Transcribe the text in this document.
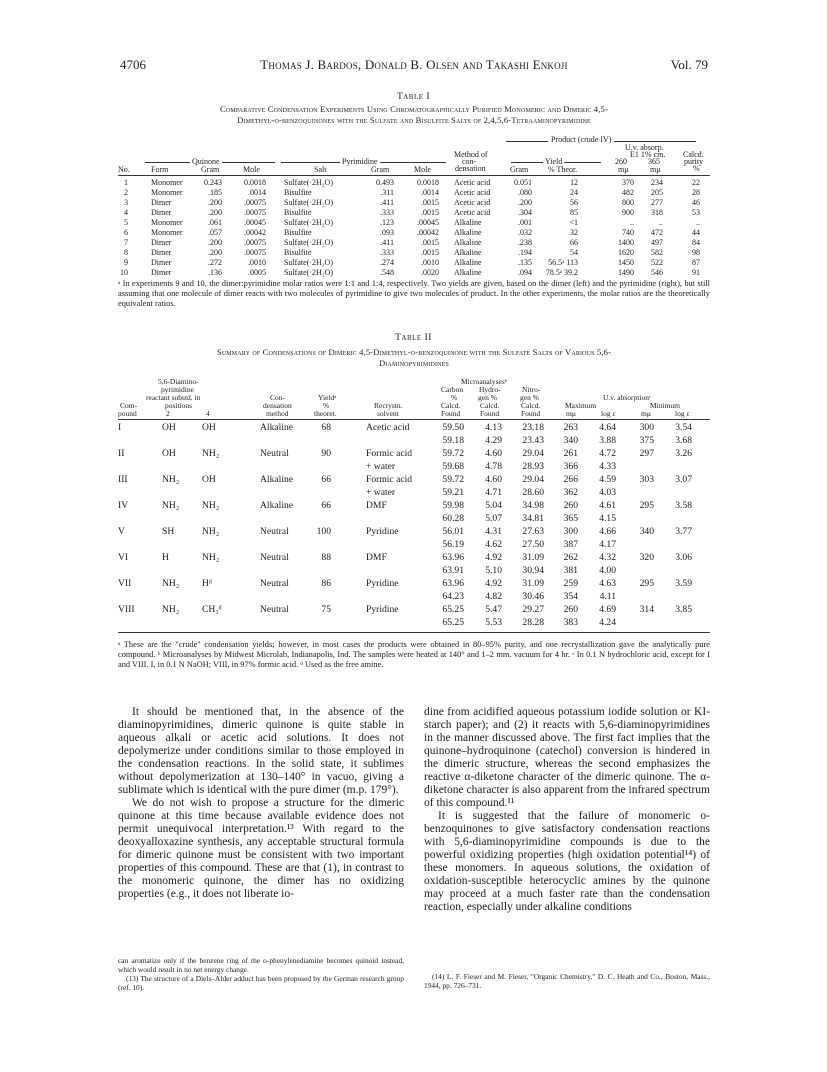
4706	Thomas J. Bardos, Donald B. Olsen and Takashi Enkoji	Vol. 79
Table I
Comparative Condensation Experiments Using Chromatographically Purified Monomeric and Dimeric 4,5-
Dimethyl-o-benzoquinones with the Sulfate and Bisulfite Salts of 2,4,5,6-Tetraaminopyrimidine
Product (crude IV)
U.v. absorp.
E1 1% cm.
260	365
Calcd.
purity
%
Method of
con-
densation
Quinone	Pyrimidine	Yield
No.	Form	Gram	Mole	Salt	Gram	Mole	Gram % Theor.	mμ	mμ
1	Monomer	0.243	0.0018 Sulfate(·2H₂O)	0.493	0.0018 Acetic acid	0.051	12	370 234	22
2	Monomer	.185	.0014 Bisulfite	.311	.0014 Acetic acid	.080	24	482 205	28
3	Dimer	.200	.00075 Sulfate(·2H₂O)	.411	.0015 Acetic acid	.200	56	800 277	46
4	Dimer	.200	.00075 Bisulfite	.333	.0015 Acetic acid	.304	85	900 318	53
5	Monomer	.061	.00045 Sulfate(·2H₂O)	.123	.00045 Alkaline	.001	<1	..	..	..
6	Monomer	.057	.00042 Bisulfite	.093	.00042 Alkaline	.032	32	740 472	44
7	Dimer	.200	.00075 Sulfate(·2H₂O)	.411	.0015 Alkaline	.238	66	1400 497	84
8	Dimer	.200	.00075 Bisulfite	.333	.0015 Alkaline	.194	54	1620 582	98
9	Dimer	.272	.0010 Sulfate(·2H₂O)	.274	.0010 Alkaline	.135 56.5ᵃ 113	1450 522	87
10	Dimer	.136	.0005 Sulfate(·2H₂O)	.548	.0020 Alkaline	.094 78.5ᵃ 39.2	1490 546	91
ᵃ In experiments 9 and 10, the dimer:pyrimidine molar ratios were 1:1 and 1:4, respectively. Two yields are given, based on the dimer (left) and the pyrimidine (right), but still assuming that one molecule of dimer reacts with two molecules of pyrimidine to give two molecules of product. In the other experiments, the molar ratios are the theoretically equivalent ratios.
Table II
Summary of Condensations of Dimeric 4,5-Dimethyl-o-benzoquinone with the Sulfate Salts of Various 5,6-
Diaminopyrimidines
5,6-Diamino-
pyrimidine
reactant substd. in
positions
2	4
Com-
pound
Con-
densation
method
Yieldᵃ
%
theoret.
Recrystn.
solvent
Microanalysesᵇ
Carbon
%
Hydro-
gen %
Nitro-
gen %
Calcd.
Found
Calcd.
Found
Calcd.
Found
U.v. absorptionᶜ
Maximum	Minimum
mμ	log ε	mμ	log ε
I	OH	OH	Alkaline	68	Acetic acid	59.50 4.13 23.18 263 4.64 300 3.54
59.18 4.29 23.43 340 3.88 375 3.68
II	OH	NH₂	Neutral	90	Formic acid	59.72 4.60 29.04 261 4.72 297 3.26
+ water	59.68 4.78 28.93 366 4.33
III	NH₂ OH	Alkaline	66	Formic acid	59.72 4.60 29.04 266 4.59 303 3.07
+ water	59.21 4.71 28.60 362 4.03
IV	NH₂ NH₂	Alkaline	66	DMF	59.98 5.04 34.98 260 4.61 295 3.58
60.28 5.07 34.81 365 4.15
V	SH	NH₂	Neutral	100	Pyridine	56.01 4.31 27.63 300 4.66 340 3.77
56.19 4.62 27.50 387 4.17
VI	H	NH₂	Neutral	88	DMF	63.96 4.92 31.09 262 4.32 320 3.06
63.91 5.10 30.94 381 4.00
VII	NH₂ Hᵈ	Neutral	86	Pyridine	63.96 4.92 31.09 259 4.63 295 3.59
64.23 4.82 30.46 354 4.11
VIII	NH₂ CH₃ᵈ	Neutral	75	Pyridine	65.25 5.47 29.27 260 4.69 314 3.85
65.25 5.53 28.28 383 4.24
ᵃ These are the "crude" condensation yields; however, in most cases the products were obtained in 80–95% purity, and one recrystallization gave the analytically pure compound. ᵇ Microanalyses by Midwest Microlab, Indianapolis, Ind. The samples were heated at 140° and 1–2 mm. vacuum for 4 hr. ᶜ In 0.1 N hydrochloric acid, except for I and VIII. I, in 0.1 N NaOH; VIII, in 97% formic acid. ᵈ Used as the free amine.

It should be mentioned that, in the absence of the diaminopyrimidines, dimeric quinone is quite stable in aqueous alkali or acetic acid solutions. It does not depolymerize under conditions similar to those employed in the condensation reactions. In the solid state, it sublimes without depolymerization at 130–140° in vacuo, giving a sublimate which is identical with the pure dimer (m.p. 179°).

We do not wish to propose a structure for the dimeric quinone at this time because available evidence does not permit unequivocal interpretation.¹³ With regard to the deoxyalloxazine synthesis, any acceptable structural formula for dimeric quinone must be consistent with two important properties of this compound. These are that (1), in contrast to the monomeric quinone, the dimer has no oxidizing properties (e.g., it does not liberate io-

can aromatize only if the benzene ring of the o-phenylenediamine becomes quinoid instead, which would result in no net energy change.

(13) The structure of a Diels–Alder adduct has been proposed by the German research group (ref. 10).

dine from acidified aqueous potassium iodide solution or KI-starch paper); and (2) it reacts with 5,6-diaminopyrimidines in the manner discussed above. The first fact implies that the quinone–hydroquinone (catechol) conversion is hindered in the dimeric structure, whereas the second emphasizes the reactive α-diketone character of the dimeric quinone. The α-diketone character is also apparent from the infrared spectrum of this compound.¹¹

It is suggested that the failure of monomeric o-benzoquinones to give satisfactory condensation reactions with 5,6-diaminopyrimidine compounds is due to the powerful oxidizing properties (high oxidation potential¹⁴) of these monomers. In aqueous solutions, the oxidation of oxidation-susceptible heterocyclic amines by the quinone may proceed at a much faster rate than the condensation reaction, especially under alkaline conditions

(14) L. F. Fieser and M. Fieser, "Organic Chemistry," D. C. Heath and Co., Boston, Mass., 1944, pp. 726–731.
